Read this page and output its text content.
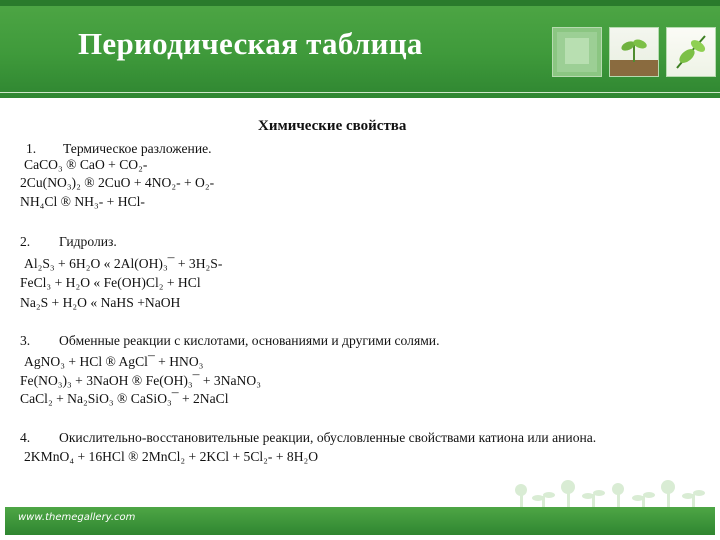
Периодическая таблица
Химические свойства
1. Термическое разложение.
CaCO₃ ® CaO + CO₂-
2Cu(NO₃)₂ ® 2CuO + 4NO₂- + O₂-
NH₄Cl ® NH₃- + HCl-
2. Гидролиз.
Al₂S₃ + 6H₂O « 2Al(OH)₃¯ + 3H₂S-
FeCl₃ + H₂O « Fe(OH)Cl₂ + HCl
Na₂S + H₂O « NaHS +NaOH
3. Обменные реакции с кислотами, основаниями и другими солями.
AgNO₃ + HCl ® AgCl¯ + HNO₃
Fe(NO₃)₃ + 3NaOH ® Fe(OH)₃¯ + 3NaNO₃
CaCl₂ + Na₂SiO₃ ® CaSiO₃¯ + 2NaCl
4. Окислительно-восстановительные реакции, обусловленные свойствами катиона или аниона.
2KMnO₄ + 16HCl ® 2MnCl₂ + 2KCl + 5Cl₂- + 8H₂O
www.themegallery.com
